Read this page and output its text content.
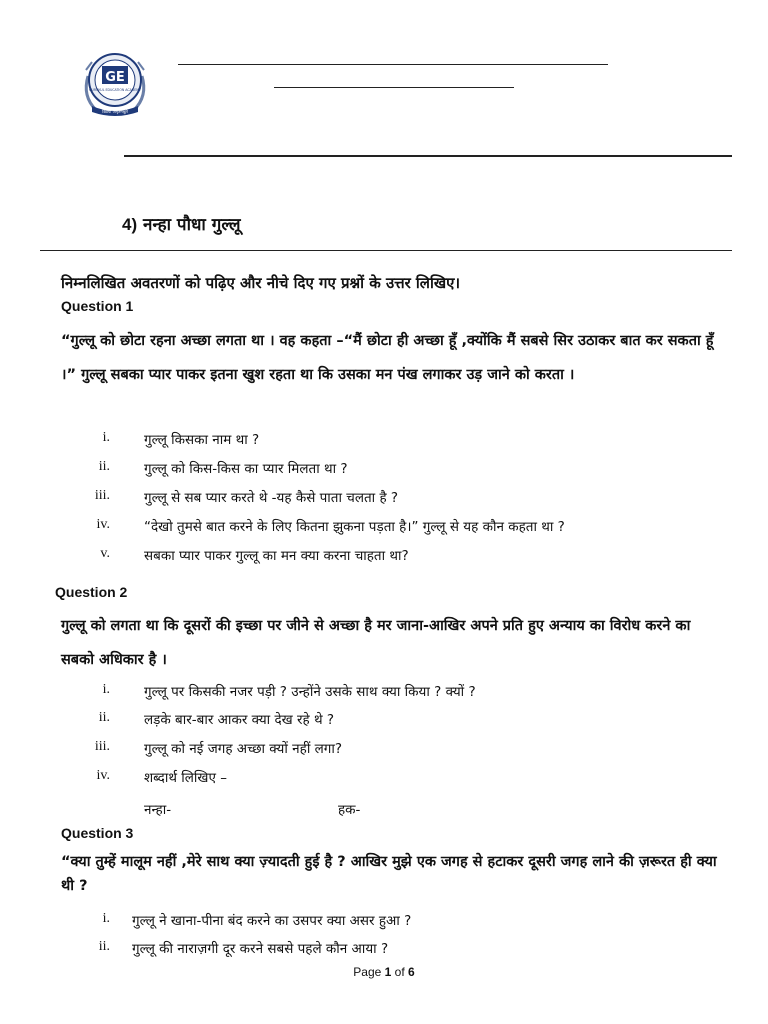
GE
GURUKUL EDUCATION ACADEMY
विद्यया अमृतमश्नुते
4) नन्हा पौधा गुल्लू
निम्नलिखित अवतरणों को पढ़िए और नीचे दिए गए प्रश्नों के उत्तर लिखिए।
Question 1
“गुल्लू को छोटा रहना अच्छा लगता था । वह कहता –“मैं छोटा ही अच्छा हूँ ,क्योंकि मैं सबसे सिर उठाकर बात कर सकता हूँ ।” गुल्लू सबका प्यार पाकर इतना खुश रहता था कि उसका मन पंख लगाकर उड़ जाने को करता ।
i.	गुल्लू किसका नाम था ?
ii.	गुल्लू को किस-किस का प्यार मिलता था ?
iii.	गुल्लू से सब प्यार करते थे -यह कैसे पाता चलता है ?
iv.	“देखो तुमसे बात करने के लिए कितना झुकना पड़ता है।” गुल्लू से यह कौन कहता था ?
v.	सबका प्यार पाकर गुल्लू का मन क्या करना चाहता था?
Question 2
गुल्लू को लगता था कि दूसरों की इच्छा पर जीने से अच्छा है मर जाना-आखिर अपने प्रति हुए अन्याय का विरोध करने का सबको अधिकार है ।
i.	गुल्लू पर किसकी नजर पड़ी ? उन्होंने उसके साथ क्या किया ? क्यों ?
ii.	लड़के बार-बार आकर क्या देख रहे थे ?
iii.	गुल्लू को नई जगह अच्छा क्यों नहीं लगा?
iv.	शब्दार्थ लिखिए –
नन्हा-	हक-
Question 3
“क्या तुम्हें मालूम नहीं ,मेरे साथ क्या ज़्यादती हुई है ? आखिर मुझे एक जगह से हटाकर दूसरी जगह लाने की ज़रूरत ही क्या थी ?
i. गुल्लू ने खाना-पीना बंद करने का उसपर क्या असर हुआ ?
ii. गुल्लू की नाराज़गी दूर करने सबसे पहले कौन आया ?
Page 1 of 6
